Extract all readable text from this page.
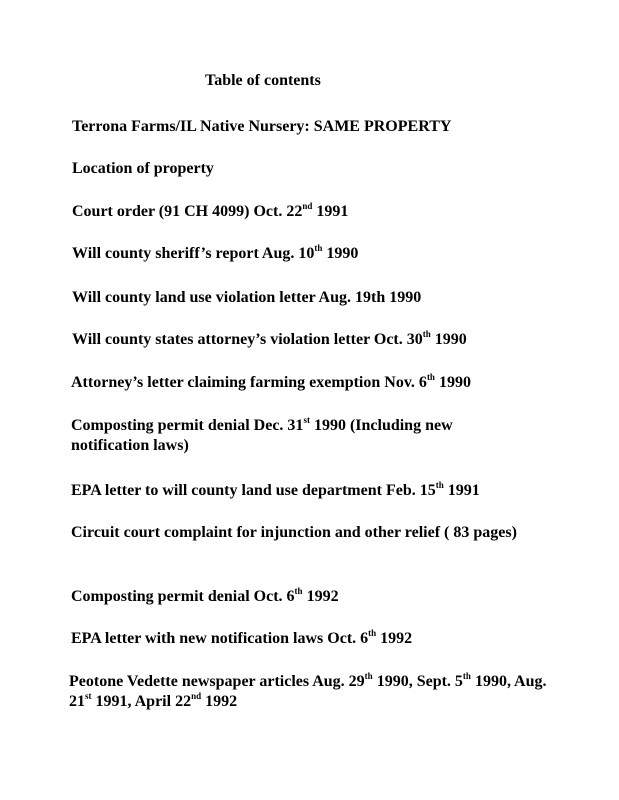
Table of contents

Terrona Farms/IL Native Nursery: SAME PROPERTY

Location of property

Court order (91 CH 4099) Oct. 22nd 1991

Will county sheriff’s report Aug. 10th 1990

Will county land use violation letter Aug. 19th 1990

Will county states attorney’s violation letter Oct. 30th 1990

Attorney’s letter claiming farming exemption Nov. 6th 1990

Composting permit denial Dec. 31st 1990 (Including new notification laws)

EPA letter to will county land use department Feb. 15th 1991

Circuit court complaint for injunction and other relief ( 83 pages)

Composting permit denial Oct. 6th 1992

EPA letter with new notification laws Oct. 6th 1992

Peotone Vedette newspaper articles Aug. 29th 1990, Sept. 5th 1990, Aug. 21st 1991, April 22nd 1992
